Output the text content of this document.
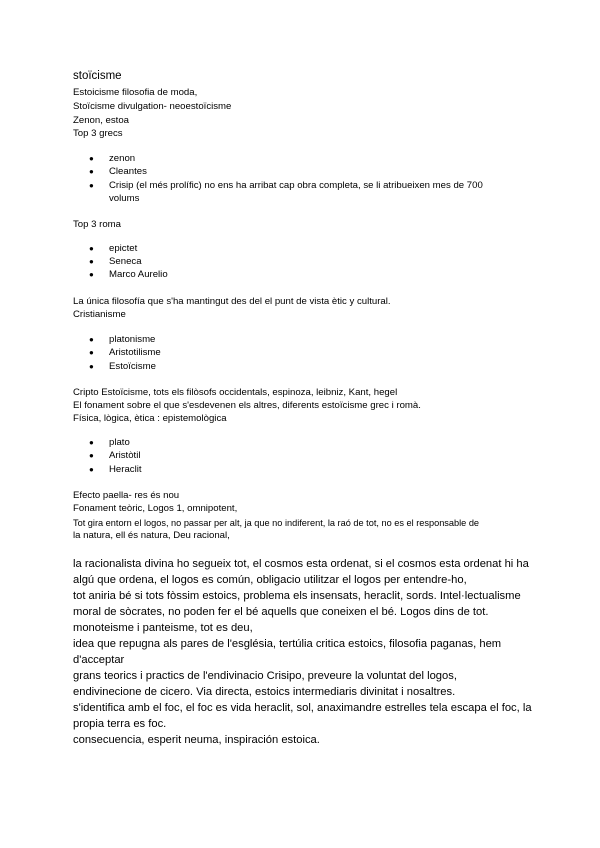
stoïcisme
Estoicisme filosofia de moda,
Stoïcisme divulgation- neoestoïcisme
Zenon, estoa
Top 3 grecs
● zenon
● Cleantes
● Crisip (el més prolífic) no ens ha arribat cap obra completa, se li atribueixen mes de 700
volums
Top 3 roma
● epictet
● Seneca
● Marco Aurelio
La única filosofía que s'ha mantingut des del el punt de vista ètic y cultural.
Cristianisme
● platonisme
● Aristotilisme
● Estoïcisme
Cripto Estoïcisme, tots els filòsofs occidentals, espinoza, leibniz, Kant, hegel
El fonament sobre el que s'esdevenen els altres, diferents estoïcisme grec i romà.
Física, lògica, ètica : epistemològica
● plato
● Aristòtil
● Heraclit
Efecto paella- res és nou
Fonament teòric, Logos 1, omnipotent,
Tot gira entorn el logos, no passar per alt, ja que no indiferent, la raó de tot, no es el responsable de
la natura, ell és natura, Deu racional,
la racionalista divina ho segueix tot, el cosmos esta ordenat, si el cosmos esta ordenat hi ha
algú que ordena, el logos es común, obligacio utilitzar el logos per entendre-ho,
tot aniria bé si tots fòssim estoics, problema els insensats, heraclit, sords. Intel·lectualisme
moral de sòcrates, no poden fer el bé aquells que coneixen el bé. Logos dins de tot.
monoteisme i panteisme, tot es deu,
idea que repugna als pares de l'església, tertúlia critica estoics, filosofia paganas, hem
d'acceptar
grans teorics i practics de l'endivinacio Crisipo, preveure la voluntat del logos,
endivinecione de cicero. Via directa, estoics intermediaris divinitat i nosaltres.
s'identifica amb el foc, el foc es vida heraclit, sol, anaximandre estrelles tela escapa el foc, la
propia terra es foc.
consecuencia, esperit neuma, inspiración estoica.
